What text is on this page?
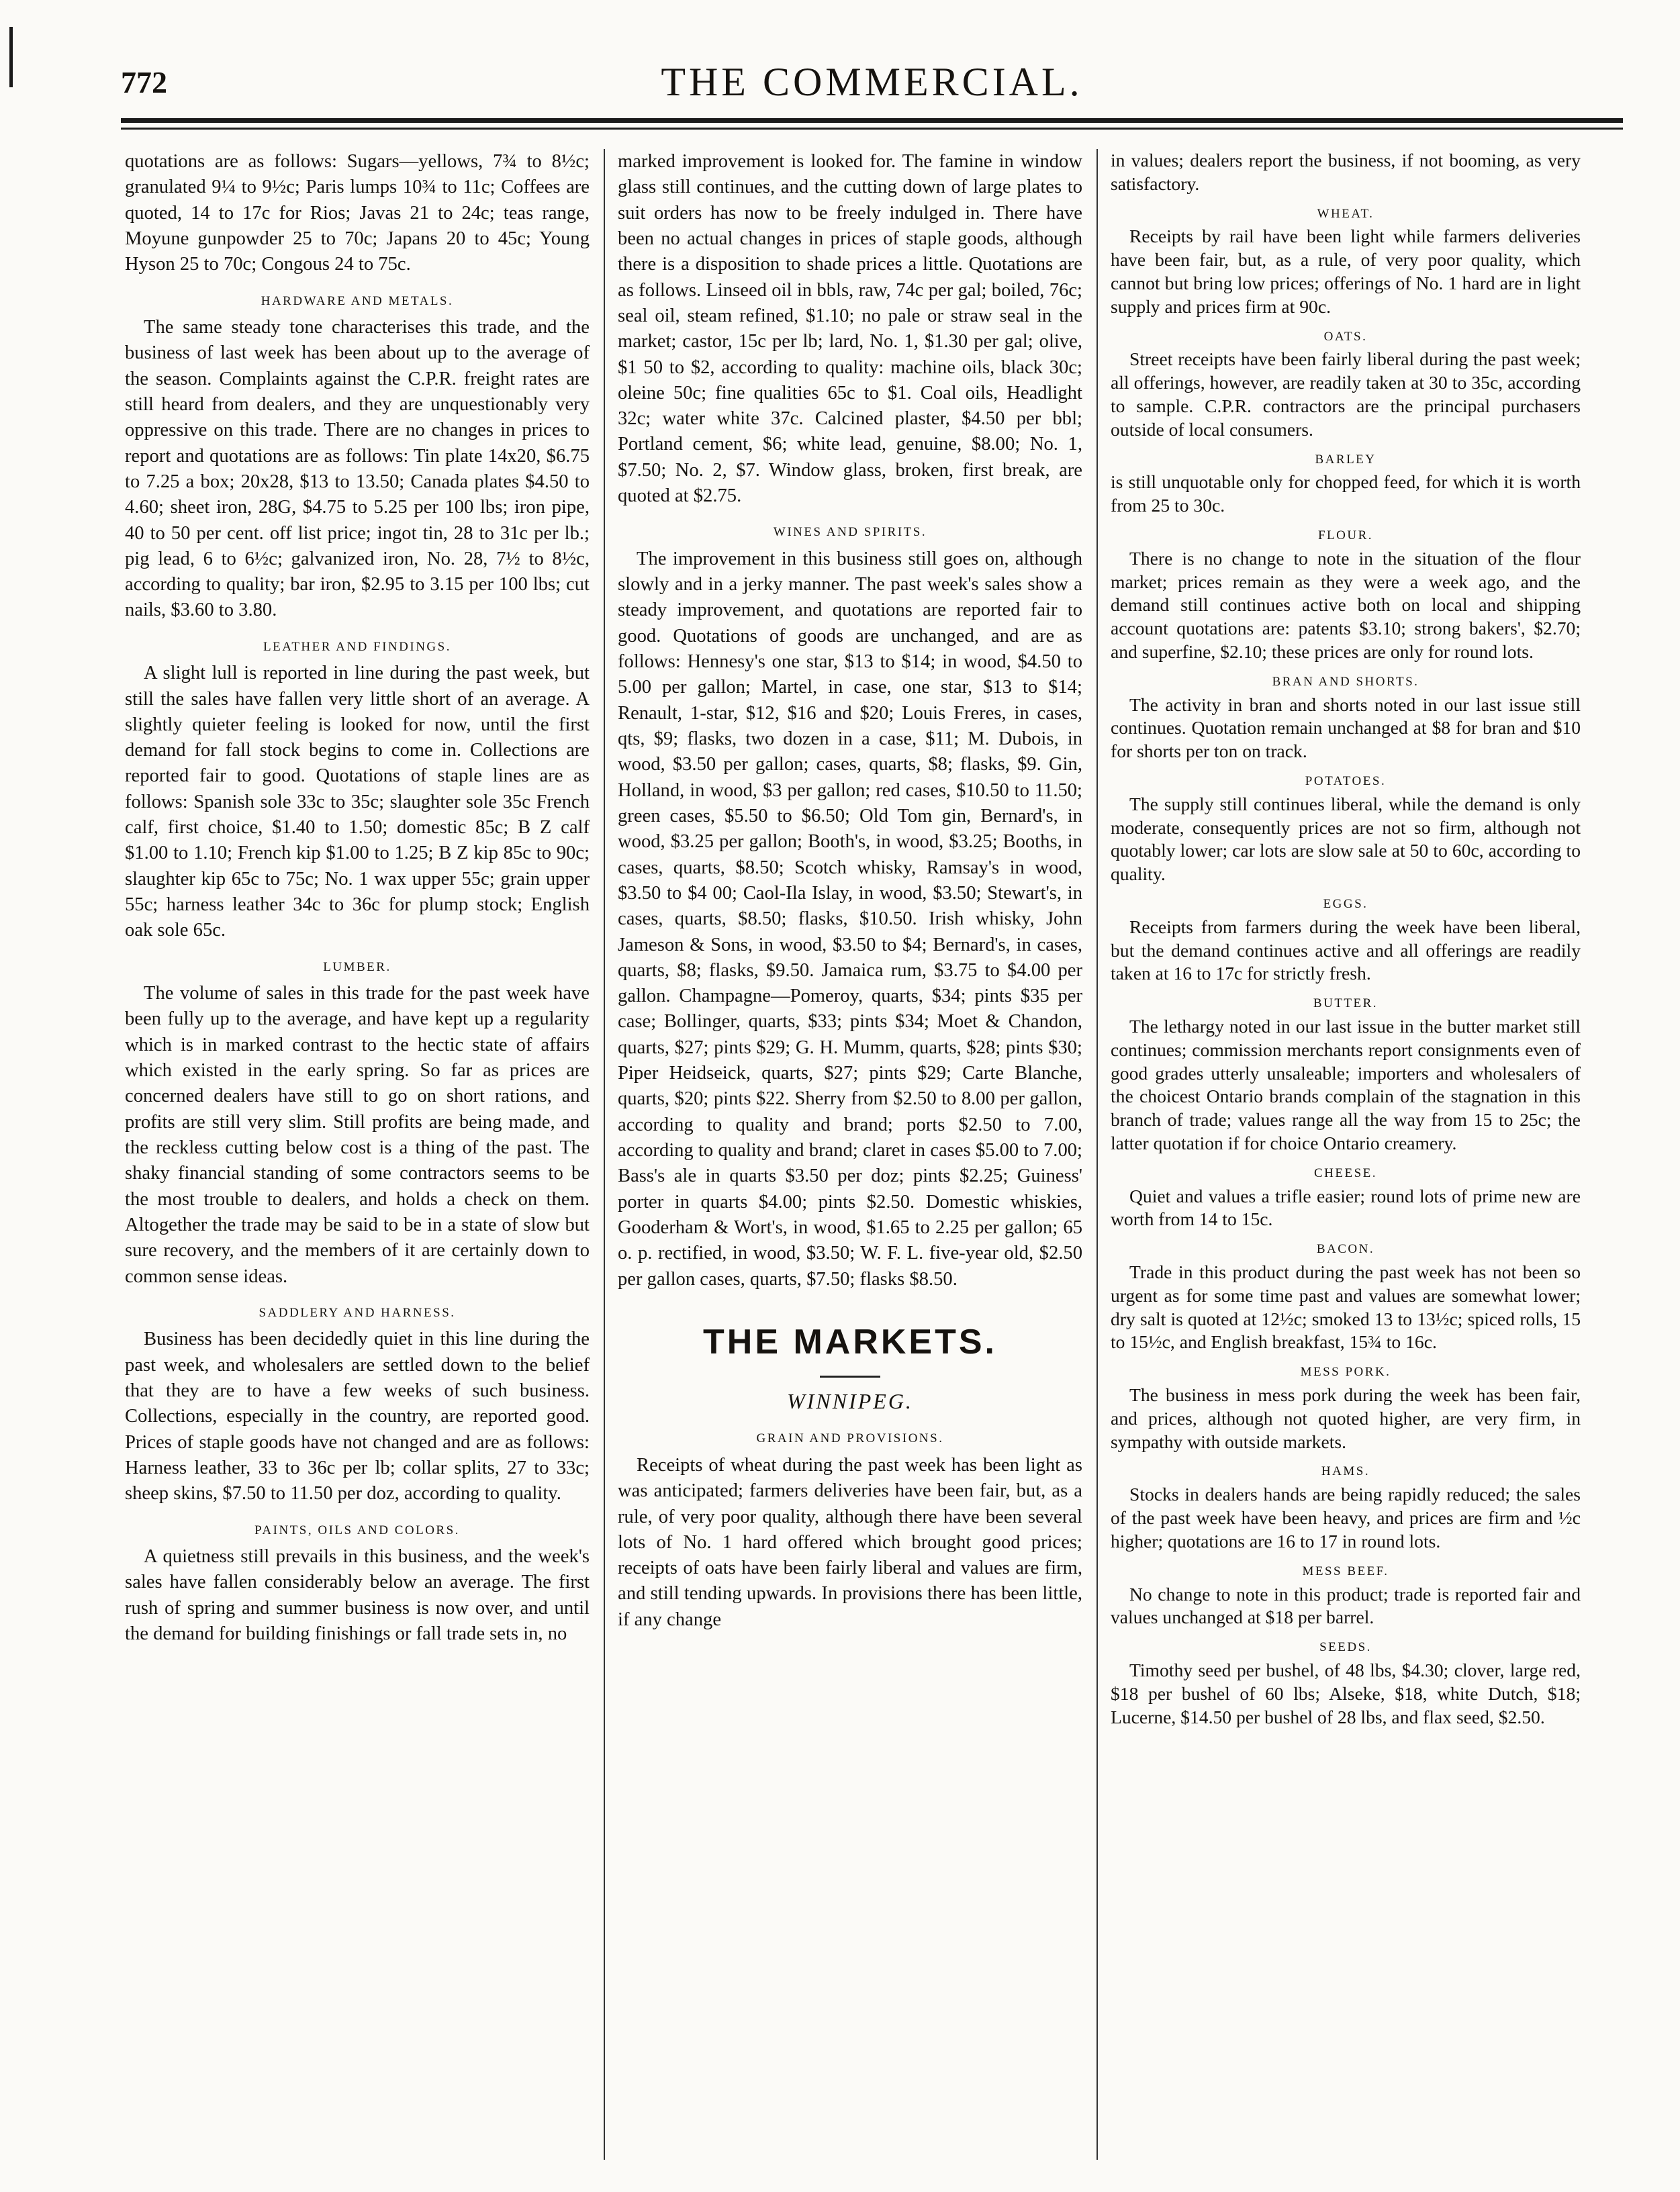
772	THE COMMERCIAL.

quotations are as follows: Sugars—yellows, 7¾ to 8½c; granulated 9¼ to 9½c; Paris lumps 10¾ to 11c; Coffees are quoted, 14 to 17c for Rios; Javas 21 to 24c; teas range, Moyune gunpowder 25 to 70c; Japans 20 to 45c; Young Hyson 25 to 70c; Congous 24 to 75c.

HARDWARE AND METALS.

The same steady tone characterises this trade, and the business of last week has been about up to the average of the season. Complaints against the C.P.R. freight rates are still heard from dealers, and they are unquestionably very oppressive on this trade. There are no changes in prices to report and quotations are as follows: Tin plate 14x20, $6.75 to 7.25 a box; 20x28, $13 to 13.50; Canada plates $4.50 to 4.60; sheet iron, 28G, $4.75 to 5.25 per 100 lbs; iron pipe, 40 to 50 per cent. off list price; ingot tin, 28 to 31c per lb.; pig lead, 6 to 6½c; galvanized iron, No. 28, 7½ to 8½c, according to quality; bar iron, $2.95 to 3.15 per 100 lbs; cut nails, $3.60 to 3.80.

LEATHER AND FINDINGS.

A slight lull is reported in line during the past week, but still the sales have fallen very little short of an average. A slightly quieter feeling is looked for now, until the first demand for fall stock begins to come in. Collections are reported fair to good. Quotations of staple lines are as follows: Spanish sole 33c to 35c; slaughter sole 35c French calf, first choice, $1.40 to 1.50; domestic 85c; B Z calf $1.00 to 1.10; French kip $1.00 to 1.25; B Z kip 85c to 90c; slaughter kip 65c to 75c; No. 1 wax upper 55c; grain upper 55c; harness leather 34c to 36c for plump stock; English oak sole 65c.

LUMBER.

The volume of sales in this trade for the past week have been fully up to the average, and have kept up a regularity which is in marked contrast to the hectic state of affairs which existed in the early spring. So far as prices are concerned dealers have still to go on short rations, and profits are still very slim. Still profits are being made, and the reckless cutting below cost is a thing of the past. The shaky financial standing of some contractors seems to be the most trouble to dealers, and holds a check on them. Altogether the trade may be said to be in a state of slow but sure recovery, and the members of it are certainly down to common sense ideas.

SADDLERY AND HARNESS.

Business has been decidedly quiet in this line during the past week, and wholesalers are settled down to the belief that they are to have a few weeks of such business. Collections, especially in the country, are reported good. Prices of staple goods have not changed and are as follows: Harness leather, 33 to 36c per lb; collar splits, 27 to 33c; sheep skins, $7.50 to 11.50 per doz, according to quality.

PAINTS, OILS AND COLORS.

A quietness still prevails in this business, and the week's sales have fallen considerably below an average. The first rush of spring and summer business is now over, and until the demand for building finishings or fall trade sets in, no

marked improvement is looked for. The famine in window glass still continues, and the cutting down of large plates to suit orders has now to be freely indulged in. There have been no actual changes in prices of staple goods, although there is a disposition to shade prices a little. Quotations are as follows. Linseed oil in bbls, raw, 74c per gal; boiled, 76c; seal oil, steam refined, $1.10; no pale or straw seal in the market; castor, 15c per lb; lard, No. 1, $1.30 per gal; olive, $1 50 to $2, according to quality: machine oils, black 30c; oleine 50c; fine qualities 65c to $1. Coal oils, Headlight 32c; water white 37c. Calcined plaster, $4.50 per bbl; Portland cement, $6; white lead, genuine, $8.00; No. 1, $7.50; No. 2, $7. Window glass, broken, first break, are quoted at $2.75.

WINES AND SPIRITS.

The improvement in this business still goes on, although slowly and in a jerky manner. The past week's sales show a steady improvement, and quotations are reported fair to good. Quotations of goods are unchanged, and are as follows: Hennesy's one star, $13 to $14; in wood, $4.50 to 5.00 per gallon; Martel, in case, one star, $13 to $14; Renault, 1-star, $12, $16 and $20; Louis Freres, in cases, qts, $9; flasks, two dozen in a case, $11; M. Dubois, in wood, $3.50 per gallon; cases, quarts, $8; flasks, $9. Gin, Holland, in wood, $3 per gallon; red cases, $10.50 to 11.50; green cases, $5.50 to $6.50; Old Tom gin, Bernard's, in wood, $3.25 per gallon; Booth's, in wood, $3.25; Booths, in cases, quarts, $8.50; Scotch whisky, Ramsay's in wood, $3.50 to $4 00; Caol-Ila Islay, in wood, $3.50; Stewart's, in cases, quarts, $8.50; flasks, $10.50. Irish whisky, John Jameson & Sons, in wood, $3.50 to $4; Bernard's, in cases, quarts, $8; flasks, $9.50. Jamaica rum, $3.75 to $4.00 per gallon. Champagne—Pomeroy, quarts, $34; pints $35 per case; Bollinger, quarts, $33; pints $34; Moet & Chandon, quarts, $27; pints $29; G. H. Mumm, quarts, $28; pints $30; Piper Heidseick, quarts, $27; pints $29; Carte Blanche, quarts, $20; pints $22. Sherry from $2.50 to 8.00 per gallon, according to quality and brand; ports $2.50 to 7.00, according to quality and brand; claret in cases $5.00 to 7.00; Bass's ale in quarts $3.50 per doz; pints $2.25; Guiness' porter in quarts $4.00; pints $2.50. Domestic whiskies, Gooderham & Wort's, in wood, $1.65 to 2.25 per gallon; 65 o. p. rectified, in wood, $3.50; W. F. L. five-year old, $2.50 per gallon cases, quarts, $7.50; flasks $8.50.

THE MARKETS.
WINNIPEG.
GRAIN AND PROVISIONS.

Receipts of wheat during the past week has been light as was anticipated; farmers deliveries have been fair, but, as a rule, of very poor quality, although there have been several lots of No. 1 hard offered which brought good prices; receipts of oats have been fairly liberal and values are firm, and still tending upwards. In provisions there has been little, if any change

in values; dealers report the business, if not booming, as very satisfactory.

WHEAT.

Receipts by rail have been light while farmers deliveries have been fair, but, as a rule, of very poor quality, which cannot but bring low prices; offerings of No. 1 hard are in light supply and prices firm at 90c.

OATS.

Street receipts have been fairly liberal during the past week; all offerings, however, are readily taken at 30 to 35c, according to sample. C.P.R. contractors are the principal purchasers outside of local consumers.

BARLEY

is still unquotable only for chopped feed, for which it is worth from 25 to 30c.

FLOUR.

There is no change to note in the situation of the flour market; prices remain as they were a week ago, and the demand still continues active both on local and shipping account quotations are: patents $3.10; strong bakers', $2.70; and superfine, $2.10; these prices are only for round lots.

BRAN AND SHORTS.

The activity in bran and shorts noted in our last issue still continues. Quotation remain unchanged at $8 for bran and $10 for shorts per ton on track.

POTATOES.

The supply still continues liberal, while the demand is only moderate, consequently prices are not so firm, although not quotably lower; car lots are slow sale at 50 to 60c, according to quality.

EGGS.

Receipts from farmers during the week have been liberal, but the demand continues active and all offerings are readily taken at 16 to 17c for strictly fresh.

BUTTER.

The lethargy noted in our last issue in the butter market still continues; commission merchants report consignments even of good grades utterly unsaleable; importers and wholesalers of the choicest Ontario brands complain of the stagnation in this branch of trade; values range all the way from 15 to 25c; the latter quotation if for choice Ontario creamery.

CHEESE.

Quiet and values a trifle easier; round lots of prime new are worth from 14 to 15c.

BACON.

Trade in this product during the past week has not been so urgent as for some time past and values are somewhat lower; dry salt is quoted at 12½c; smoked 13 to 13½c; spiced rolls, 15 to 15½c, and English breakfast, 15¾ to 16c.

MESS PORK.

The business in mess pork during the week has been fair, and prices, although not quoted higher, are very firm, in sympathy with outside markets.

HAMS.

Stocks in dealers hands are being rapidly reduced; the sales of the past week have been heavy, and prices are firm and ½c higher; quotations are 16 to 17 in round lots.

MESS BEEF.

No change to note in this product; trade is reported fair and values unchanged at $18 per barrel.

SEEDS.

Timothy seed per bushel, of 48 lbs, $4.30; clover, large red, $18 per bushel of 60 lbs; Alseke, $18, white Dutch, $18; Lucerne, $14.50 per bushel of 28 lbs, and flax seed, $2.50.
